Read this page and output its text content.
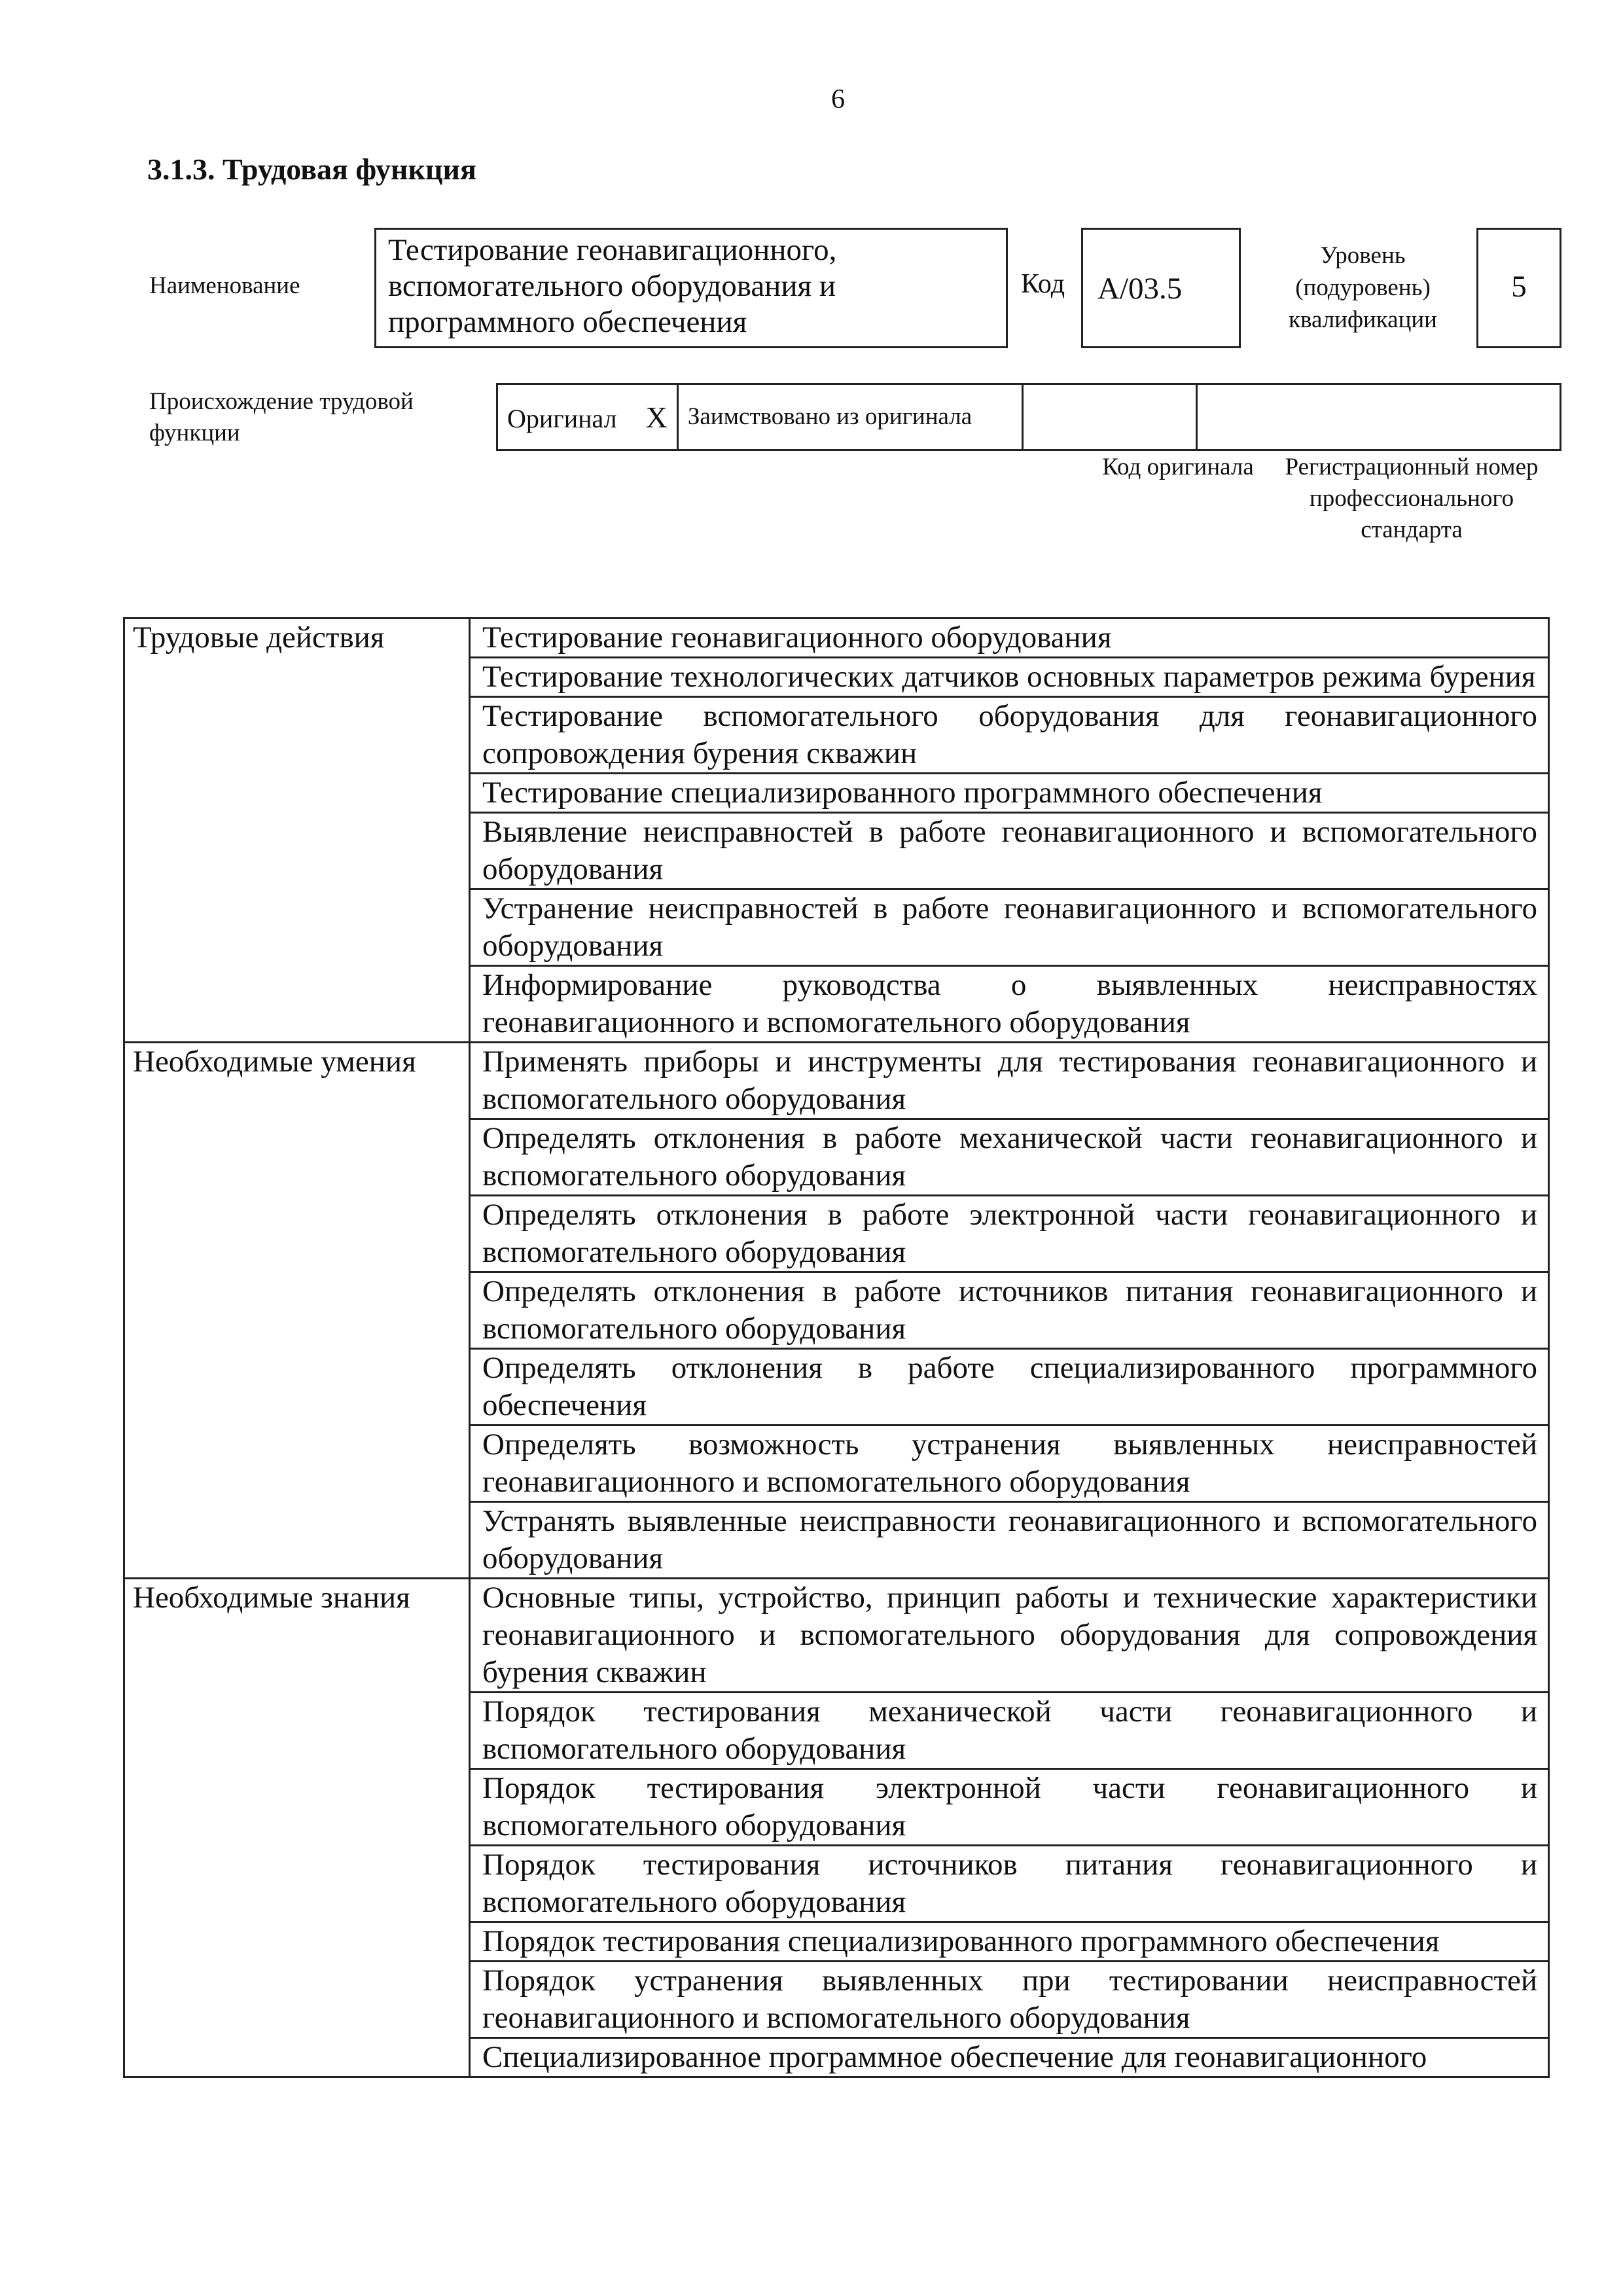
6
3.1.3. Трудовая функция
Наименование
Тестирование геонавигационного, вспомогательного оборудования и программного обеспечения
Код	A/03.5
Уровень (подуровень) квалификации
5
Происхождение трудовой функции	Оригинал X	Заимствовано из оригинала		
Код оригинала	Регистрационный номер профессионального стандарта
Трудовые действия	Тестирование геонавигационного оборудования
	Тестирование технологических датчиков основных параметров режима бурения
	Тестирование вспомогательного оборудования для геонавигационного сопровождения бурения скважин
	Тестирование специализированного программного обеспечения
	Выявление неисправностей в работе геонавигационного и вспомогательного оборудования
	Устранение неисправностей в работе геонавигационного и вспомогательного оборудования
	Информирование руководства о выявленных неисправностях геонавигационного и вспомогательного оборудования
Необходимые умения	Применять приборы и инструменты для тестирования геонавигационного и вспомогательного оборудования
	Определять отклонения в работе механической части геонавигационного и вспомогательного оборудования
	Определять отклонения в работе электронной части геонавигационного и вспомогательного оборудования
	Определять отклонения в работе источников питания геонавигационного и вспомогательного оборудования
	Определять отклонения в работе специализированного программного обеспечения
	Определять возможность устранения выявленных неисправностей геонавигационного и вспомогательного оборудования
	Устранять выявленные неисправности геонавигационного и вспомогательного оборудования
Необходимые знания	Основные типы, устройство, принцип работы и технические характеристики геонавигационного и вспомогательного оборудования для сопровождения бурения скважин
	Порядок тестирования механической части геонавигационного и вспомогательного оборудования
	Порядок тестирования электронной части геонавигационного и вспомогательного оборудования
	Порядок тестирования источников питания геонавигационного и вспомогательного оборудования
	Порядок тестирования специализированного программного обеспечения
	Порядок устранения выявленных при тестировании неисправностей геонавигационного и вспомогательного оборудования
	Специализированное программное обеспечение для геонавигационного
